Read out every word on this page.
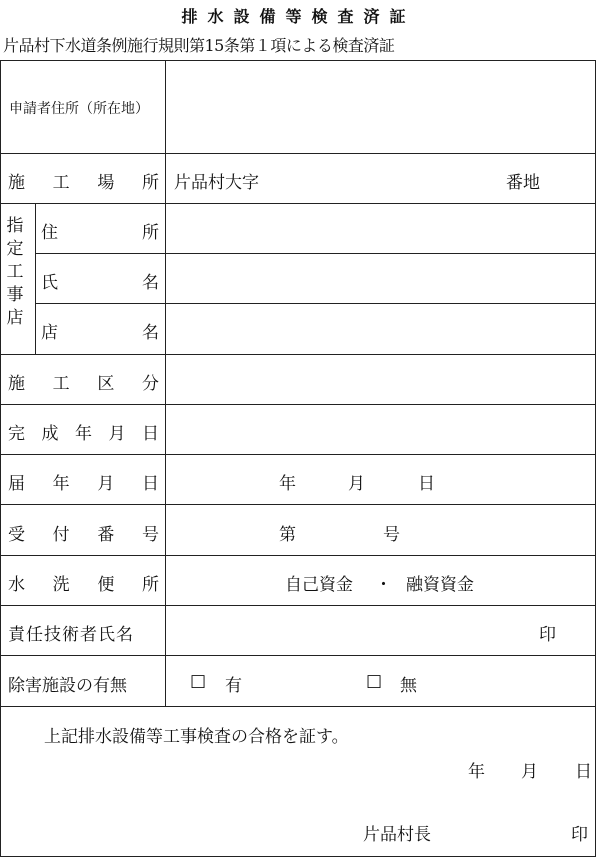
排水設備等検査済証
片品村下水道条例施行規則第15条第１項による検査済証
申請者住所（所在地）
施 工 場 所 片品村大字	番地
指
定
工
事
店
住	所
氏	名
店	名
施 工 区 分
完 成 年 月 日
届 年 月 日	年	月	日
受 付 番 号	第	号
水 洗 便 所	自己資金 ・ 融資資金
責任技術者氏名	印
除害施設の有無	□ 有	□ 無
上記排水設備等工事検査の合格を証す。
年 月 日
片品村長	印
